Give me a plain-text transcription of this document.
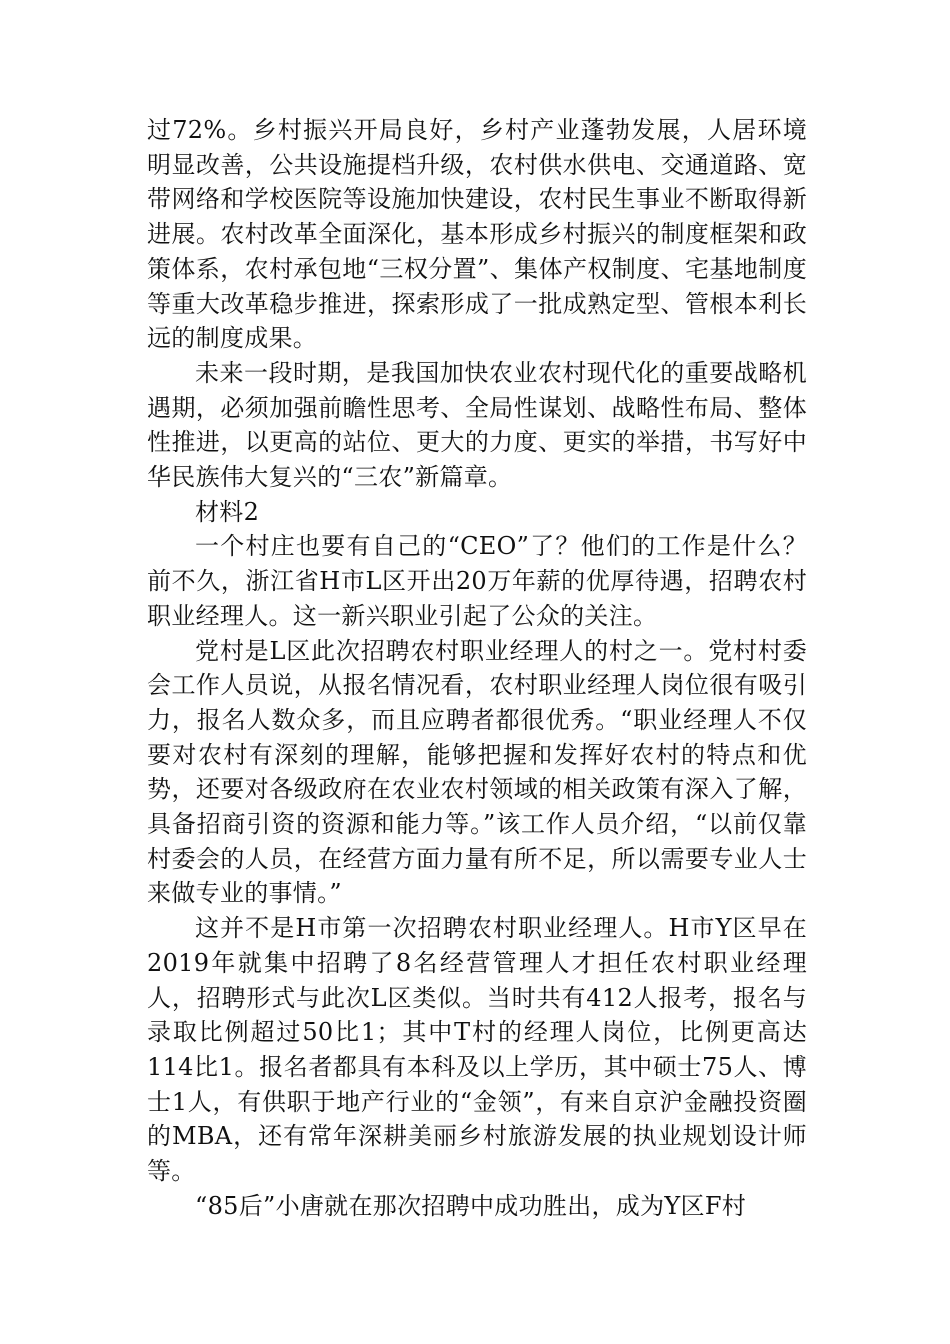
过72%。乡村振兴开局良好，乡村产业蓬勃发展，人居环境明显改善，公共设施提档升级，农村供水供电、交通道路、宽带网络和学校医院等设施加快建设，农村民生事业不断取得新进展。农村改革全面深化，基本形成乡村振兴的制度框架和政策体系，农村承包地“三权分置”、集体产权制度、宅基地制度等重大改革稳步推进，探索形成了一批成熟定型、管根本利长远的制度成果。

未来一段时期，是我国加快农业农村现代化的重要战略机遇期，必须加强前瞻性思考、全局性谋划、战略性布局、整体性推进，以更高的站位、更大的力度、更实的举措，书写好中华民族伟大复兴的“三农”新篇章。

材料2

一个村庄也要有自己的“CEO”了？他们的工作是什么？前不久，浙江省H市L区开出20万年薪的优厚待遇，招聘农村职业经理人。这一新兴职业引起了公众的关注。

党村是L区此次招聘农村职业经理人的村之一。党村村委会工作人员说，从报名情况看，农村职业经理人岗位很有吸引力，报名人数众多，而且应聘者都很优秀。“职业经理人不仅要对农村有深刻的理解，能够把握和发挥好农村的特点和优势，还要对各级政府在农业农村领域的相关政策有深入了解，具备招商引资的资源和能力等。”该工作人员介绍，“以前仅靠村委会的人员，在经营方面力量有所不足，所以需要专业人士来做专业的事情。”

这并不是H市第一次招聘农村职业经理人。H市Y区早在2019年就集中招聘了8名经营管理人才担任农村职业经理人，招聘形式与此次L区类似。当时共有412人报考，报名与录取比例超过50比1；其中T村的经理人岗位，比例更高达114比1。报名者都具有本科及以上学历，其中硕士75人、博士1人，有供职于地产行业的“金领”，有来自京沪金融投资圈的MBA，还有常年深耕美丽乡村旅游发展的执业规划设计师等。

“85后”小唐就在那次招聘中成功胜出，成为Y区F村
